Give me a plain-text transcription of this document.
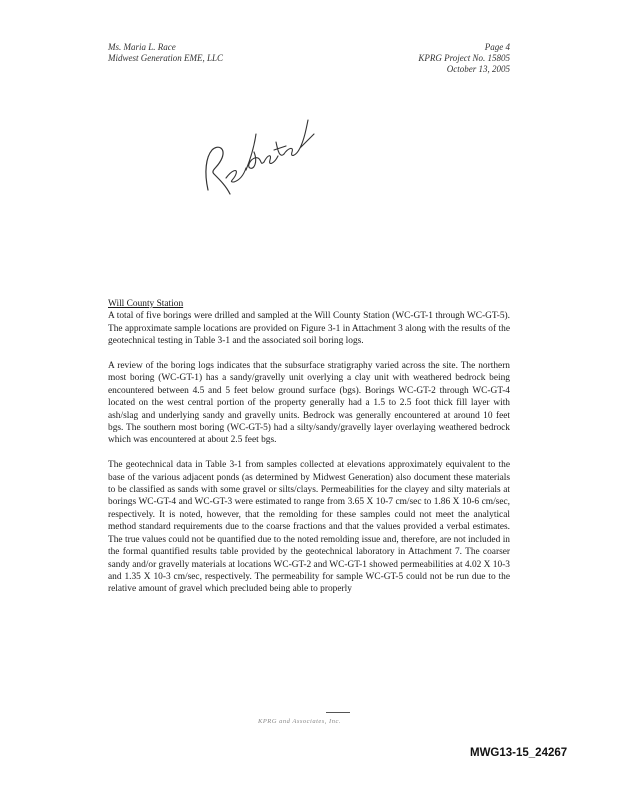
Ms. Maria L. Race
Midwest Generation EME, LLC
Page 4
KPRG Project No. 15805
October 13, 2005

Will County Station

A total of five borings were drilled and sampled at the Will County Station (WC-GT-1 through WC-GT-5). The approximate sample locations are provided on Figure 3-1 in Attachment 3 along with the results of the geotechnical testing in Table 3-1 and the associated soil boring logs.

A review of the boring logs indicates that the subsurface stratigraphy varied across the site. The northern most boring (WC-GT-1) has a sandy/gravelly unit overlying a clay unit with weathered bedrock being encountered between 4.5 and 5 feet below ground surface (bgs). Borings WC-GT-2 through WC-GT-4 located on the west central portion of the property generally had a 1.5 to 2.5 foot thick fill layer with ash/slag and underlying sandy and gravelly units. Bedrock was generally encountered at around 10 feet bgs. The southern most boring (WC-GT-5) had a silty/sandy/gravelly layer overlaying weathered bedrock which was encountered at about 2.5 feet bgs.

The geotechnical data in Table 3-1 from samples collected at elevations approximately equivalent to the base of the various adjacent ponds (as determined by Midwest Generation) also document these materials to be classified as sands with some gravel or silts/clays. Permeabilities for the clayey and silty materials at borings WC-GT-4 and WC-GT-3 were estimated to range from 3.65 X 10-7 cm/sec to 1.86 X 10-6 cm/sec, respectively. It is noted, however, that the remolding for these samples could not meet the analytical method standard requirements due to the coarse fractions and that the values provided a verbal estimates. The true values could not be quantified due to the noted remolding issue and, therefore, are not included in the formal quantified results table provided by the geotechnical laboratory in Attachment 7. The coarser sandy and/or gravelly materials at locations WC-GT-2 and WC-GT-1 showed permeabilities at 4.02 X 10-3 and 1.35 X 10-3 cm/sec, respectively. The permeability for sample WC-GT-5 could not be run due to the relative amount of gravel which precluded being able to properly

KPRG and Associates, Inc.
MWG13-15_24267
